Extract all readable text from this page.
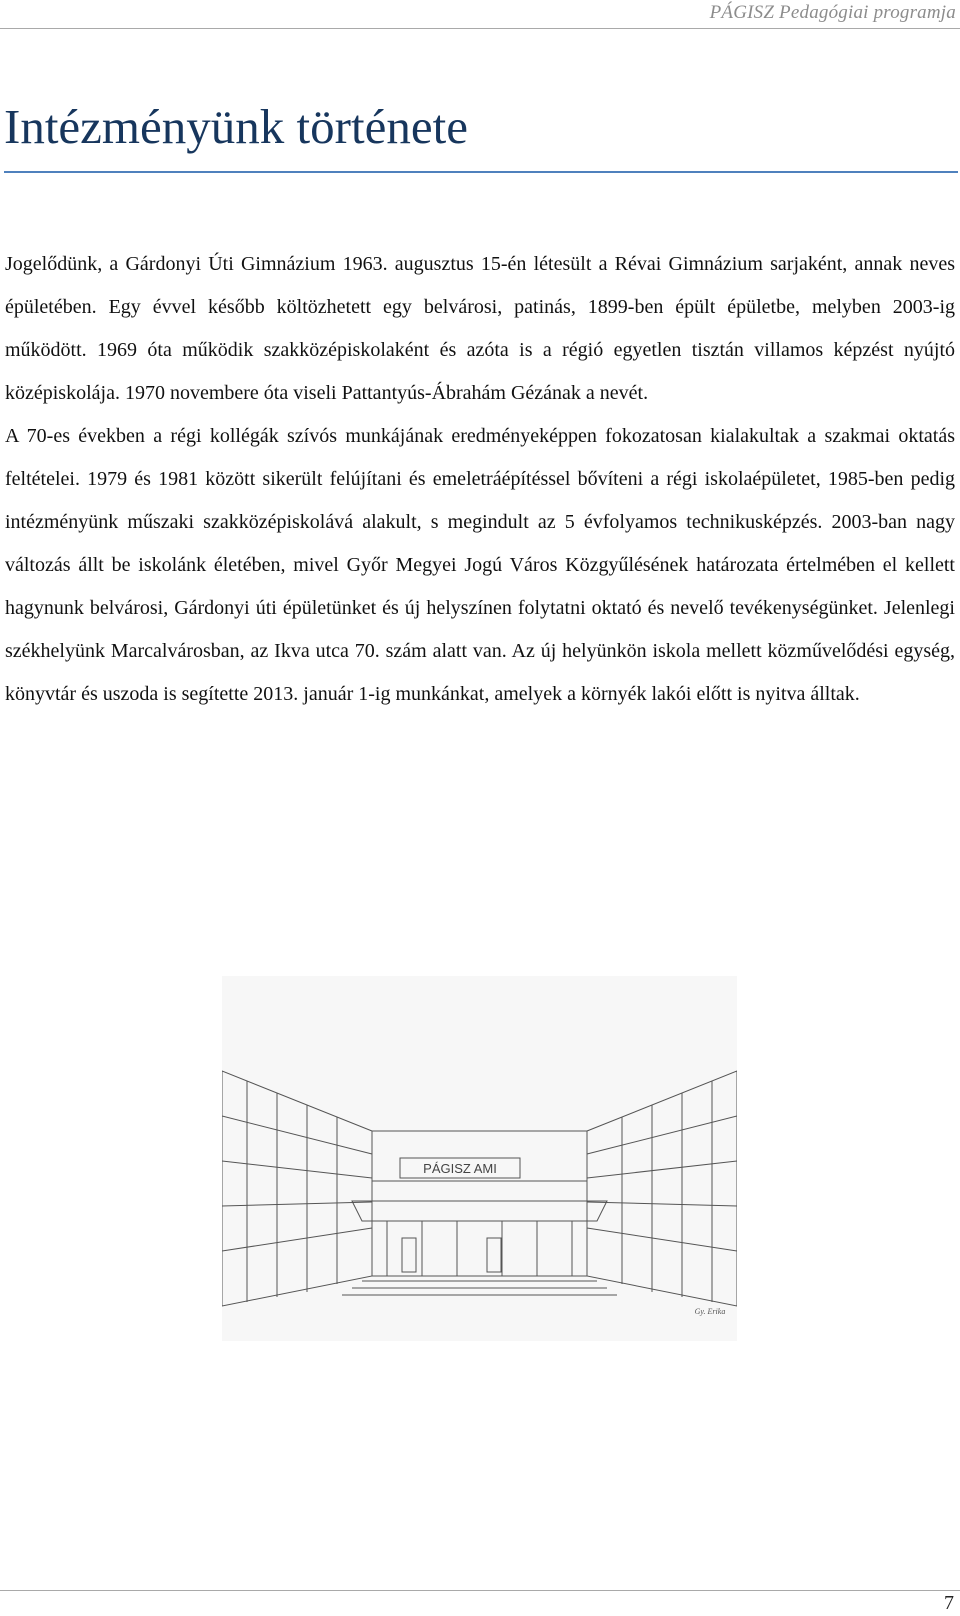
PÁGISZ Pedagógiai programja
Intézményünk története

Jogelődünk, a Gárdonyi Úti Gimnázium 1963. augusztus 15-én létesült a Révai Gimnázium sarjaként, annak neves épületében. Egy évvel később költözhetett egy belvárosi, patinás, 1899-ben épült épületbe, melyben 2003-ig működött. 1969 óta működik szakközépiskolaként és azóta is a régió egyetlen tisztán villamos képzést nyújtó középiskolája. 1970 novembere óta viseli Pattantyús-Ábrahám Gézának a nevét.

A 70-es években a régi kollégák szívós munkájának eredményeképpen fokozatosan kialakultak a szakmai oktatás feltételei. 1979 és 1981 között sikerült felújítani és emeletráépítéssel bővíteni a régi iskolaépületet, 1985-ben pedig intézményünk műszaki szakközépiskolává alakult, s megindult az 5 évfolyamos technikusképzés. 2003-ban nagy változás állt be iskolánk életében, mivel Győr Megyei Jogú Város Közgyűlésének határozata értelmében el kellett hagynunk belvárosi, Gárdonyi úti épületünket és új helyszínen folytatni oktató és nevelő tevékenységünket. Jelenlegi székhelyünk Marcalvárosban, az Ikva utca 70. szám alatt van. Az új helyünkön iskola mellett közművelődési egység, könyvtár és uszoda is segítette 2013. január 1-ig munkánkat, amelyek a környék lakói előtt is nyitva álltak.

PÁGISZ AMI
Gy. Erika
7
